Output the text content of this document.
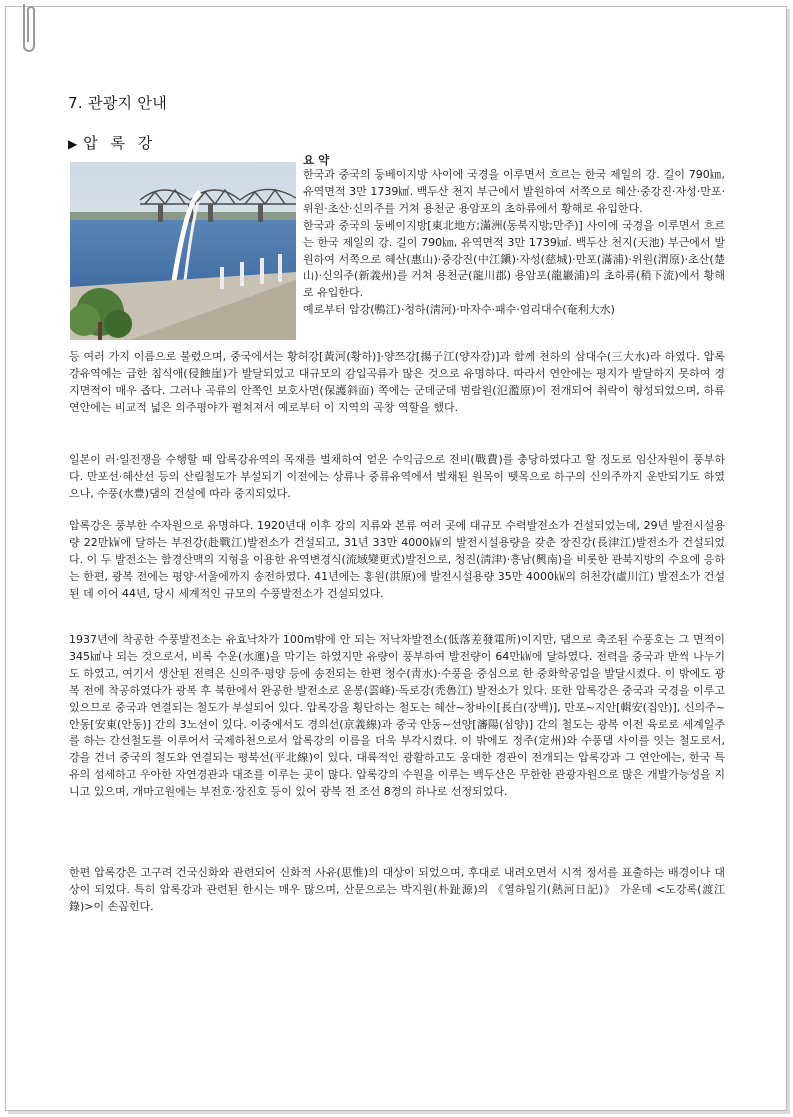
7. 관광지 안내
▶ 압 록 강
요 약

한국과 중국의 둥베이지방 사이에 국경을 이루면서 흐르는 한국 제일의 강. 길이 790㎞, 유역면적 3만 1739㎢. 백두산 천지 부근에서 발원하여 서쪽으로 혜산·중강진·자성·만포·위원·초산·신의주를 거쳐 용천군 용암포의 초하류에서 황해로 유입한다.

한국과 중국의 둥베이지방[東北地方;滿洲(동북지방;만주)] 사이에 국경을 이루면서 흐르는 한국 제일의 강. 길이 790㎞, 유역면적 3만 1739㎢. 백두산 천지(天池) 부근에서 발원하여 서쪽으로 혜산(惠山)·중강진(中江鎭)·자성(慈城)·만포(滿浦)·위원(渭原)·초산(楚山)·신의주(新義州)를 거쳐 용천군(龍川郡) 용암포(龍巖浦)의 초하류(稍下流)에서 황해로 유입한다.

예로부터 압강(鴨江)·청하(淸河)·마자수·패수·엄리대수(奄利大水)

등 여러 가지 이름으로 불렸으며, 중국에서는 황허강[黃河(황하)]·양쯔강[揚子江(양자강)]과 함께 천하의 삼대수(三大水)라 하였다. 압록강유역에는 급한 침식애(侵蝕崖)가 발달되었고 대규모의 감입곡류가 많은 것으로 유명하다. 따라서 연안에는 평지가 발달하지 못하여 경지면적이 매우 좁다. 그러나 곡류의 안쪽인 보호사면(保護斜面) 쪽에는 군데군데 범람원(氾濫原)이 전개되어 취락이 형성되었으며, 하류 연안에는 비교적 넓은 의주평야가 펼쳐져서 예로부터 이 지역의 곡창 역할을 했다.

일본이 러·일전쟁을 수행할 때 압록강유역의 목재를 벌채하여 얻은 수익금으로 전비(戰費)를 충당하였다고 할 정도로 임산자원이 풍부하다. 만포선·혜산선 등의 산림철도가 부설되기 이전에는 상류나 중류유역에서 벌채된 원목이 뗏목으로 하구의 신의주까지 운반되기도 하였으나, 수풍(水豊)댐의 건설에 따라 중지되었다.

압록강은 풍부한 수자원으로 유명하다. 1920년대 이후 강의 지류와 본류 여러 곳에 대규모 수력발전소가 건설되었는데, 29년 발전시설용량 22만㎾에 달하는 부전강(赴戰江)발전소가 건설되고, 31년 33만 4000㎾의 발전시설용량을 갖춘 장진강(長津江)발전소가 건설되었다. 이 두 발전소는 함경산맥의 지형을 이용한 유역변경식(流域變更式)발전으로, 청진(淸津)·흥남(興南)을 비롯한 관북지방의 수요에 응하는 한편, 광복 전에는 평양·서울에까지 송전하였다. 41년에는 홍원(洪原)에 발전시설용량 35만 4000㎾의 허천강(虛川江) 발전소가 건설된 데 이어 44년, 당시 세계적인 규모의 수풍발전소가 건설되었다.

1937년에 착공한 수풍발전소는 유효낙차가 100m밖에 안 되는 저낙차발전소(低落差發電所)이지만, 댐으로 축조된 수풍호는 그 면적이 345㎢나 되는 것으로서, 비록 수운(水運)을 막기는 하였지만 유량이 풍부하여 발전량이 64만㎾에 달하였다. 전력을 중국과 반씩 나누기도 하였고, 여기서 생산된 전력은 신의주·평양 등에 송전되는 한편 청수(靑水)·수풍을 중심으로 한 중화학공업을 발달시켰다. 이 밖에도 광복 전에 착공하였다가 광복 후 북한에서 완공한 발전소로 운봉(雲峰)·독로강(禿魯江) 발전소가 있다. 또한 압록강은 중국과 국경을 이루고 있으므로 중국과 연결되는 철도가 부설되어 있다. 압록강을 횡단하는 철도는 혜산~창바이[長白(장백)], 만포~지안[輯安(집안)], 신의주~안동[安東(안동)] 간의 3노선이 있다. 이중에서도 경의선(京義線)과 중국 안동~선양[瀋陽(심양)] 간의 철도는 광복 이전 육로로 세계일주를 하는 간선철도를 이루어서 국제하천으로서 압록강의 이름을 더욱 부각시켰다. 이 밖에도 정주(定州)와 수풍댐 사이를 잇는 철도로서, 강을 건너 중국의 철도와 연결되는 평북선(平北線)이 있다. 대륙적인 광활하고도 웅대한 경관이 전개되는 압록강과 그 연안에는, 한국 특유의 섬세하고 우아한 자연경관과 대조를 이루는 곳이 많다. 압록강의 수원을 이루는 백두산은 무한한 관광자원으로 많은 개발가능성을 지니고 있으며, 개마고원에는 부전호·장진호 등이 있어 광복 전 조선 8경의 하나로 선정되었다.

한편 압록강은 고구려 건국신화와 관련되어 신화적 사유(思惟)의 대상이 되었으며, 후대로 내려오면서 시적 정서를 표출하는 배경이나 대상이 되었다. 특히 압록강과 관련된 한시는 매우 많으며, 산문으로는 박지원(朴趾源)의 《열하일기(熱河日記)》 가운데 <도강록(渡江錄)>이 손꼽힌다.
